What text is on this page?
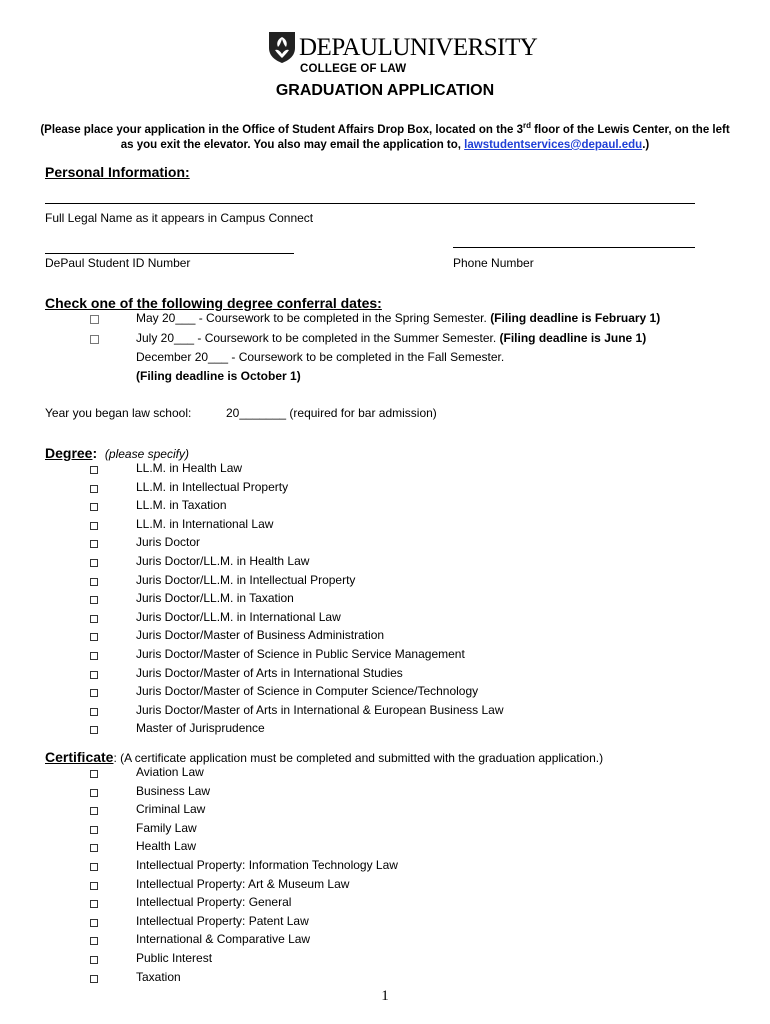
DEPAULUNIVERSITY
COLLEGE OF LAW
GRADUATION APPLICATION
(Please place your application in the Office of Student Affairs Drop Box, located on the 3rd floor of the Lewis Center, on the left as you exit the elevator. You also may email the application to, lawstudentservices@depaul.edu.)
Personal Information:
Full Legal Name as it appears in Campus Connect
DePaul Student ID Number	Phone Number
Check one of the following degree conferral dates:
May 20___ - Coursework to be completed in the Spring Semester. (Filing deadline is February 1)
July 20___ - Coursework to be completed in the Summer Semester. (Filing deadline is June 1)
December 20___ - Coursework to be completed in the Fall Semester.
(Filing deadline is October 1)
Year you began law school:	20_______ (required for bar admission)
Degree: (please specify)
LL.M. in Health Law
LL.M. in Intellectual Property
LL.M. in Taxation
LL.M. in International Law
Juris Doctor
Juris Doctor/LL.M. in Health Law
Juris Doctor/LL.M. in Intellectual Property
Juris Doctor/LL.M. in Taxation
Juris Doctor/LL.M. in International Law
Juris Doctor/Master of Business Administration
Juris Doctor/Master of Science in Public Service Management
Juris Doctor/Master of Arts in International Studies
Juris Doctor/Master of Science in Computer Science/Technology
Juris Doctor/Master of Arts in International & European Business Law
Master of Jurisprudence
Certificate: (A certificate application must be completed and submitted with the graduation application.)
Aviation Law
Business Law
Criminal Law
Family Law
Health Law
Intellectual Property: Information Technology Law
Intellectual Property: Art & Museum Law
Intellectual Property: General
Intellectual Property: Patent Law
International & Comparative Law
Public Interest
Taxation
1
